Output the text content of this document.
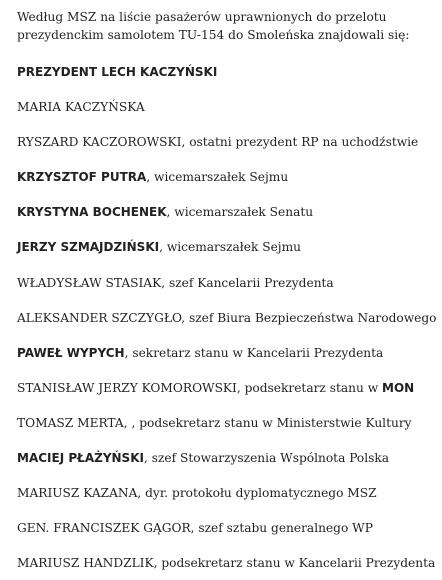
Według MSZ na liście pasażerów uprawnionych do przelotu prezydenckim samolotem TU-154 do Smoleńska znajdowali się:

PREZYDENT LECH KACZYŃSKI
MARIA KACZYŃSKA
RYSZARD KACZOROWSKI, ostatni prezydent RP na uchodźstwie
KRZYSZTOF PUTRA, wicemarszałek Sejmu
KRYSTYNA BOCHENEK, wicemarszałek Senatu
JERZY SZMAJDZIŃSKI, wicemarszałek Sejmu
WŁADYSŁAW STASIAK, szef Kancelarii Prezydenta
ALEKSANDER SZCZYGŁO, szef Biura Bezpieczeństwa Narodowego
PAWEŁ WYPYCH, sekretarz stanu w Kancelarii Prezydenta
STANISŁAW JERZY KOMOROWSKI, podsekretarz stanu w MON
TOMASZ MERTA, , podsekretarz stanu w Ministerstwie Kultury
MACIEJ PŁAŻYŃSKI, szef Stowarzyszenia Wspólnota Polska
MARIUSZ KAZANA, dyr. protokołu dyplomatycznego MSZ
GEN. FRANCISZEK GĄGOR, szef sztabu generalnego WP
MARIUSZ HANDZLIK, podsekretarz stanu w Kancelarii Prezydenta
